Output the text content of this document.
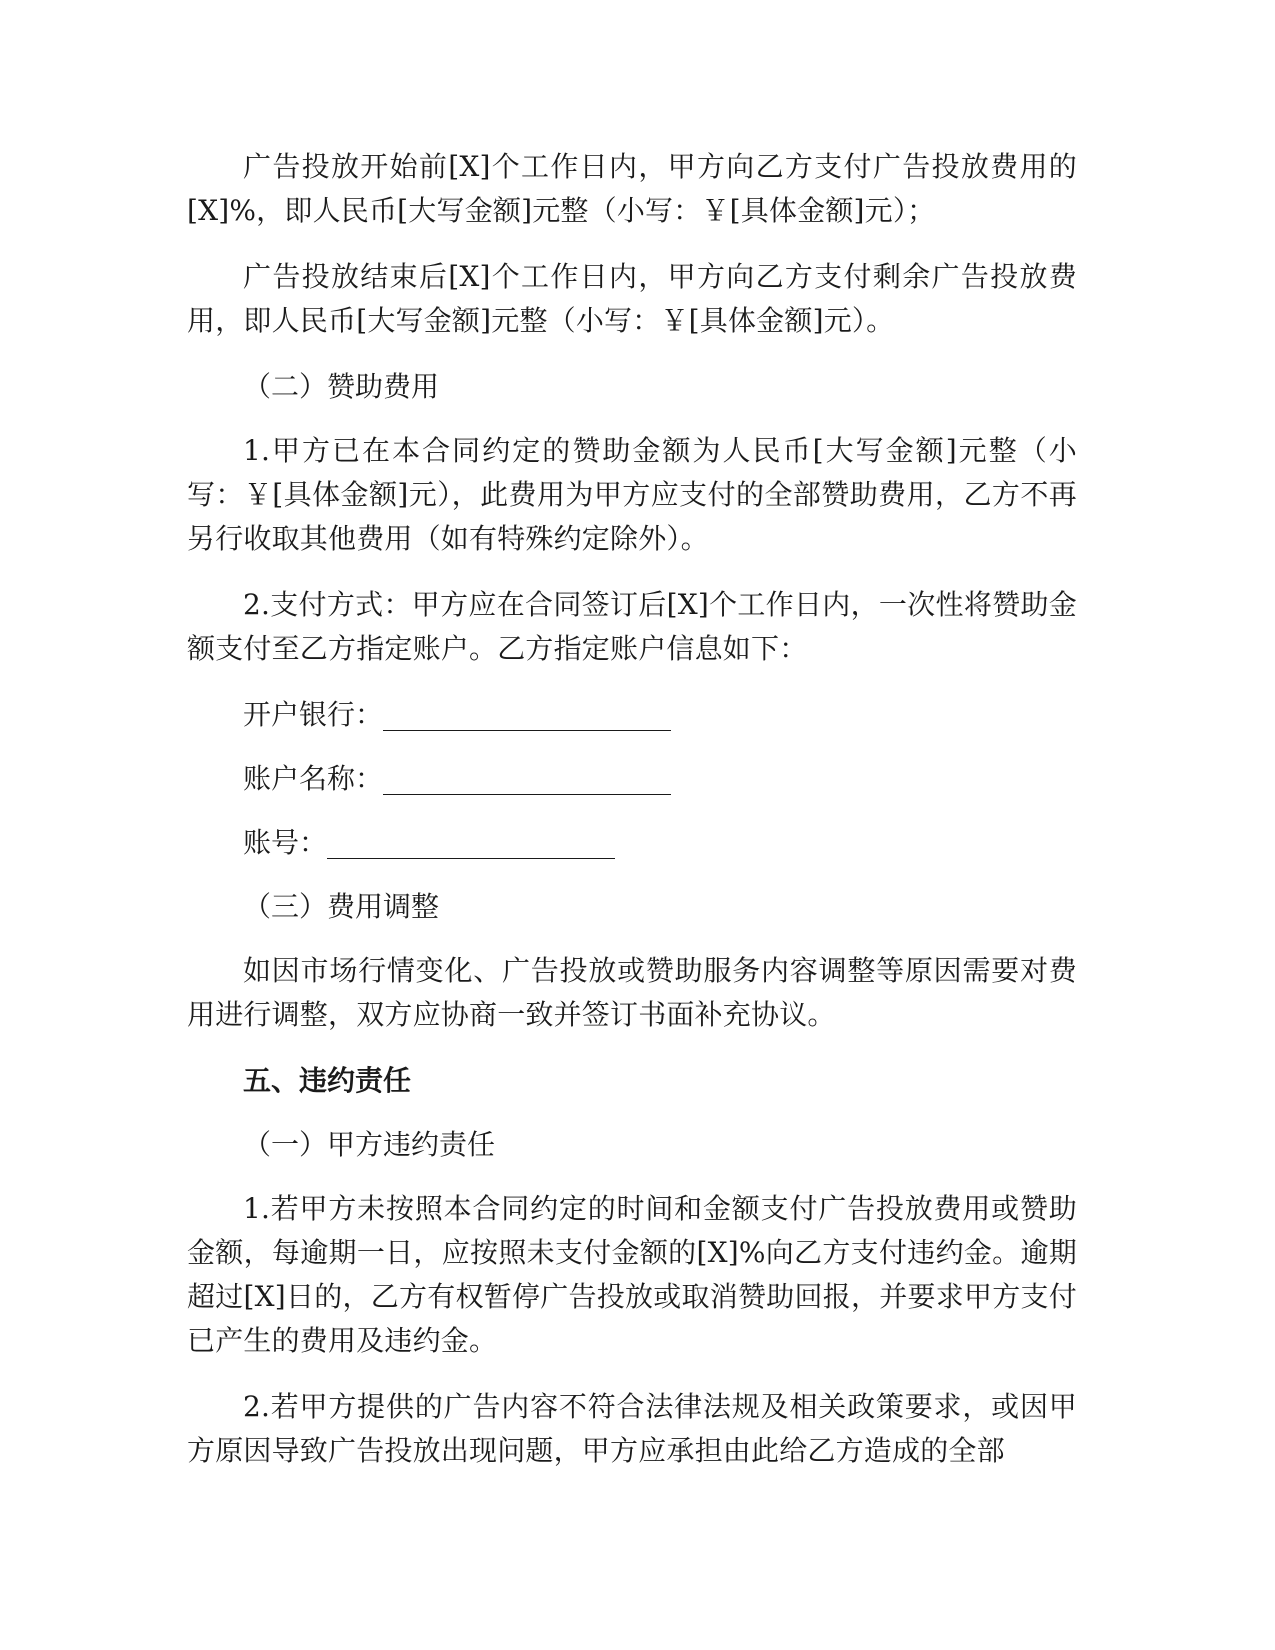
广告投放开始前[X]个工作日内，甲方向乙方支付广告投放费用的[X]%，即人民币[大写金额]元整（小写：￥[具体金额]元）；

广告投放结束后[X]个工作日内，甲方向乙方支付剩余广告投放费用，即人民币[大写金额]元整（小写：￥[具体金额]元）。

（二）赞助费用

1.甲方已在本合同约定的赞助金额为人民币[大写金额]元整（小写：￥[具体金额]元），此费用为甲方应支付的全部赞助费用，乙方不再另行收取其他费用（如有特殊约定除外）。

2.支付方式：甲方应在合同签订后[X]个工作日内，一次性将赞助金额支付至乙方指定账户。乙方指定账户信息如下：

开户银行：
账户名称：
账号：

（三）费用调整

如因市场行情变化、广告投放或赞助服务内容调整等原因需要对费用进行调整，双方应协商一致并签订书面补充协议。

五、违约责任

（一）甲方违约责任

1.若甲方未按照本合同约定的时间和金额支付广告投放费用或赞助金额，每逾期一日，应按照未支付金额的[X]%向乙方支付违约金。逾期超过[X]日的，乙方有权暂停广告投放或取消赞助回报，并要求甲方支付已产生的费用及违约金。

2.若甲方提供的广告内容不符合法律法规及相关政策要求，或因甲方原因导致广告投放出现问题，甲方应承担由此给乙方造成的全部
